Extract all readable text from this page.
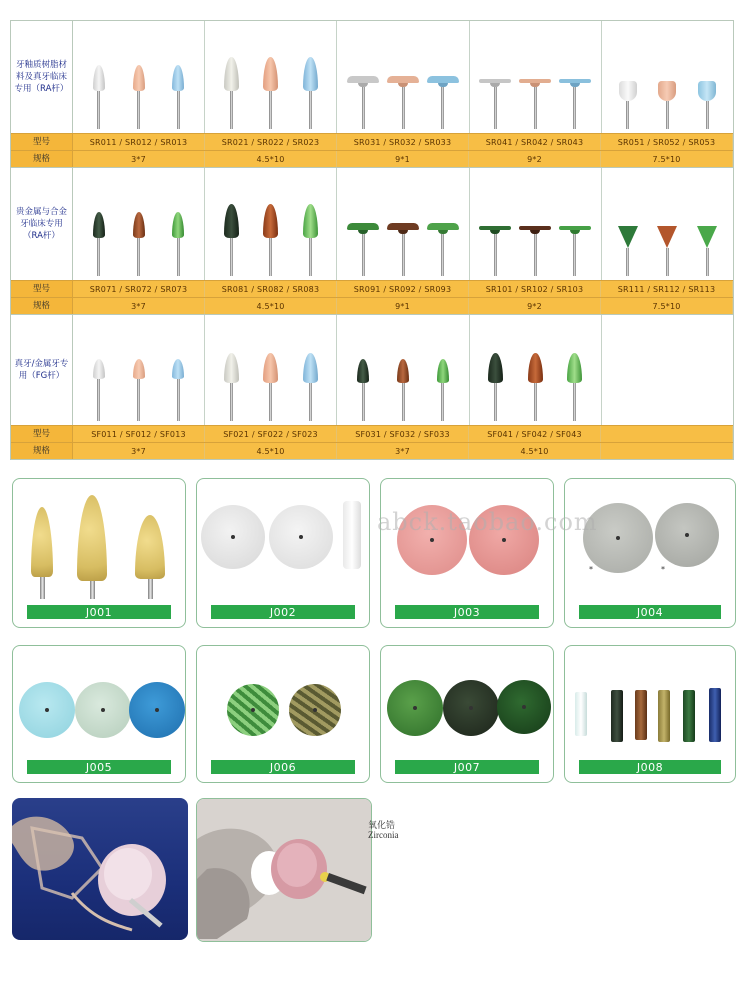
牙釉质树脂材料及真牙临床专用（RA杆）
型号	SR011 / SR012 / SR013	SR021 / SR022 / SR023	SR031 / SR032 / SR033	SR041 / SR042 / SR043	SR051 / SR052 / SR053
规格	3*7	4.5*10	9*1	9*2	7.5*10
贵金属与合金牙临床专用（RA杆）
型号	SR071 / SR072 / SR073	SR081 / SR082 / SR083	SR091 / SR092 / SR093	SR101 / SR102 / SR103	SR111 / SR112 / SR113
规格	3*7	4.5*10	9*1	9*2	7.5*10
真牙/金属牙专用（FG杆）
型号	SF011 / SF012 / SF013	SF021 / SF022 / SF023	SF031 / SF032 / SF033	SF041 / SF042 / SF043
规格	3*7	4.5*10	3*7	4.5*10
J001	J002	J003
*	*
J004
J005	J006	J007	J008
氧化锆
Zirconia
abck.taobao.com
